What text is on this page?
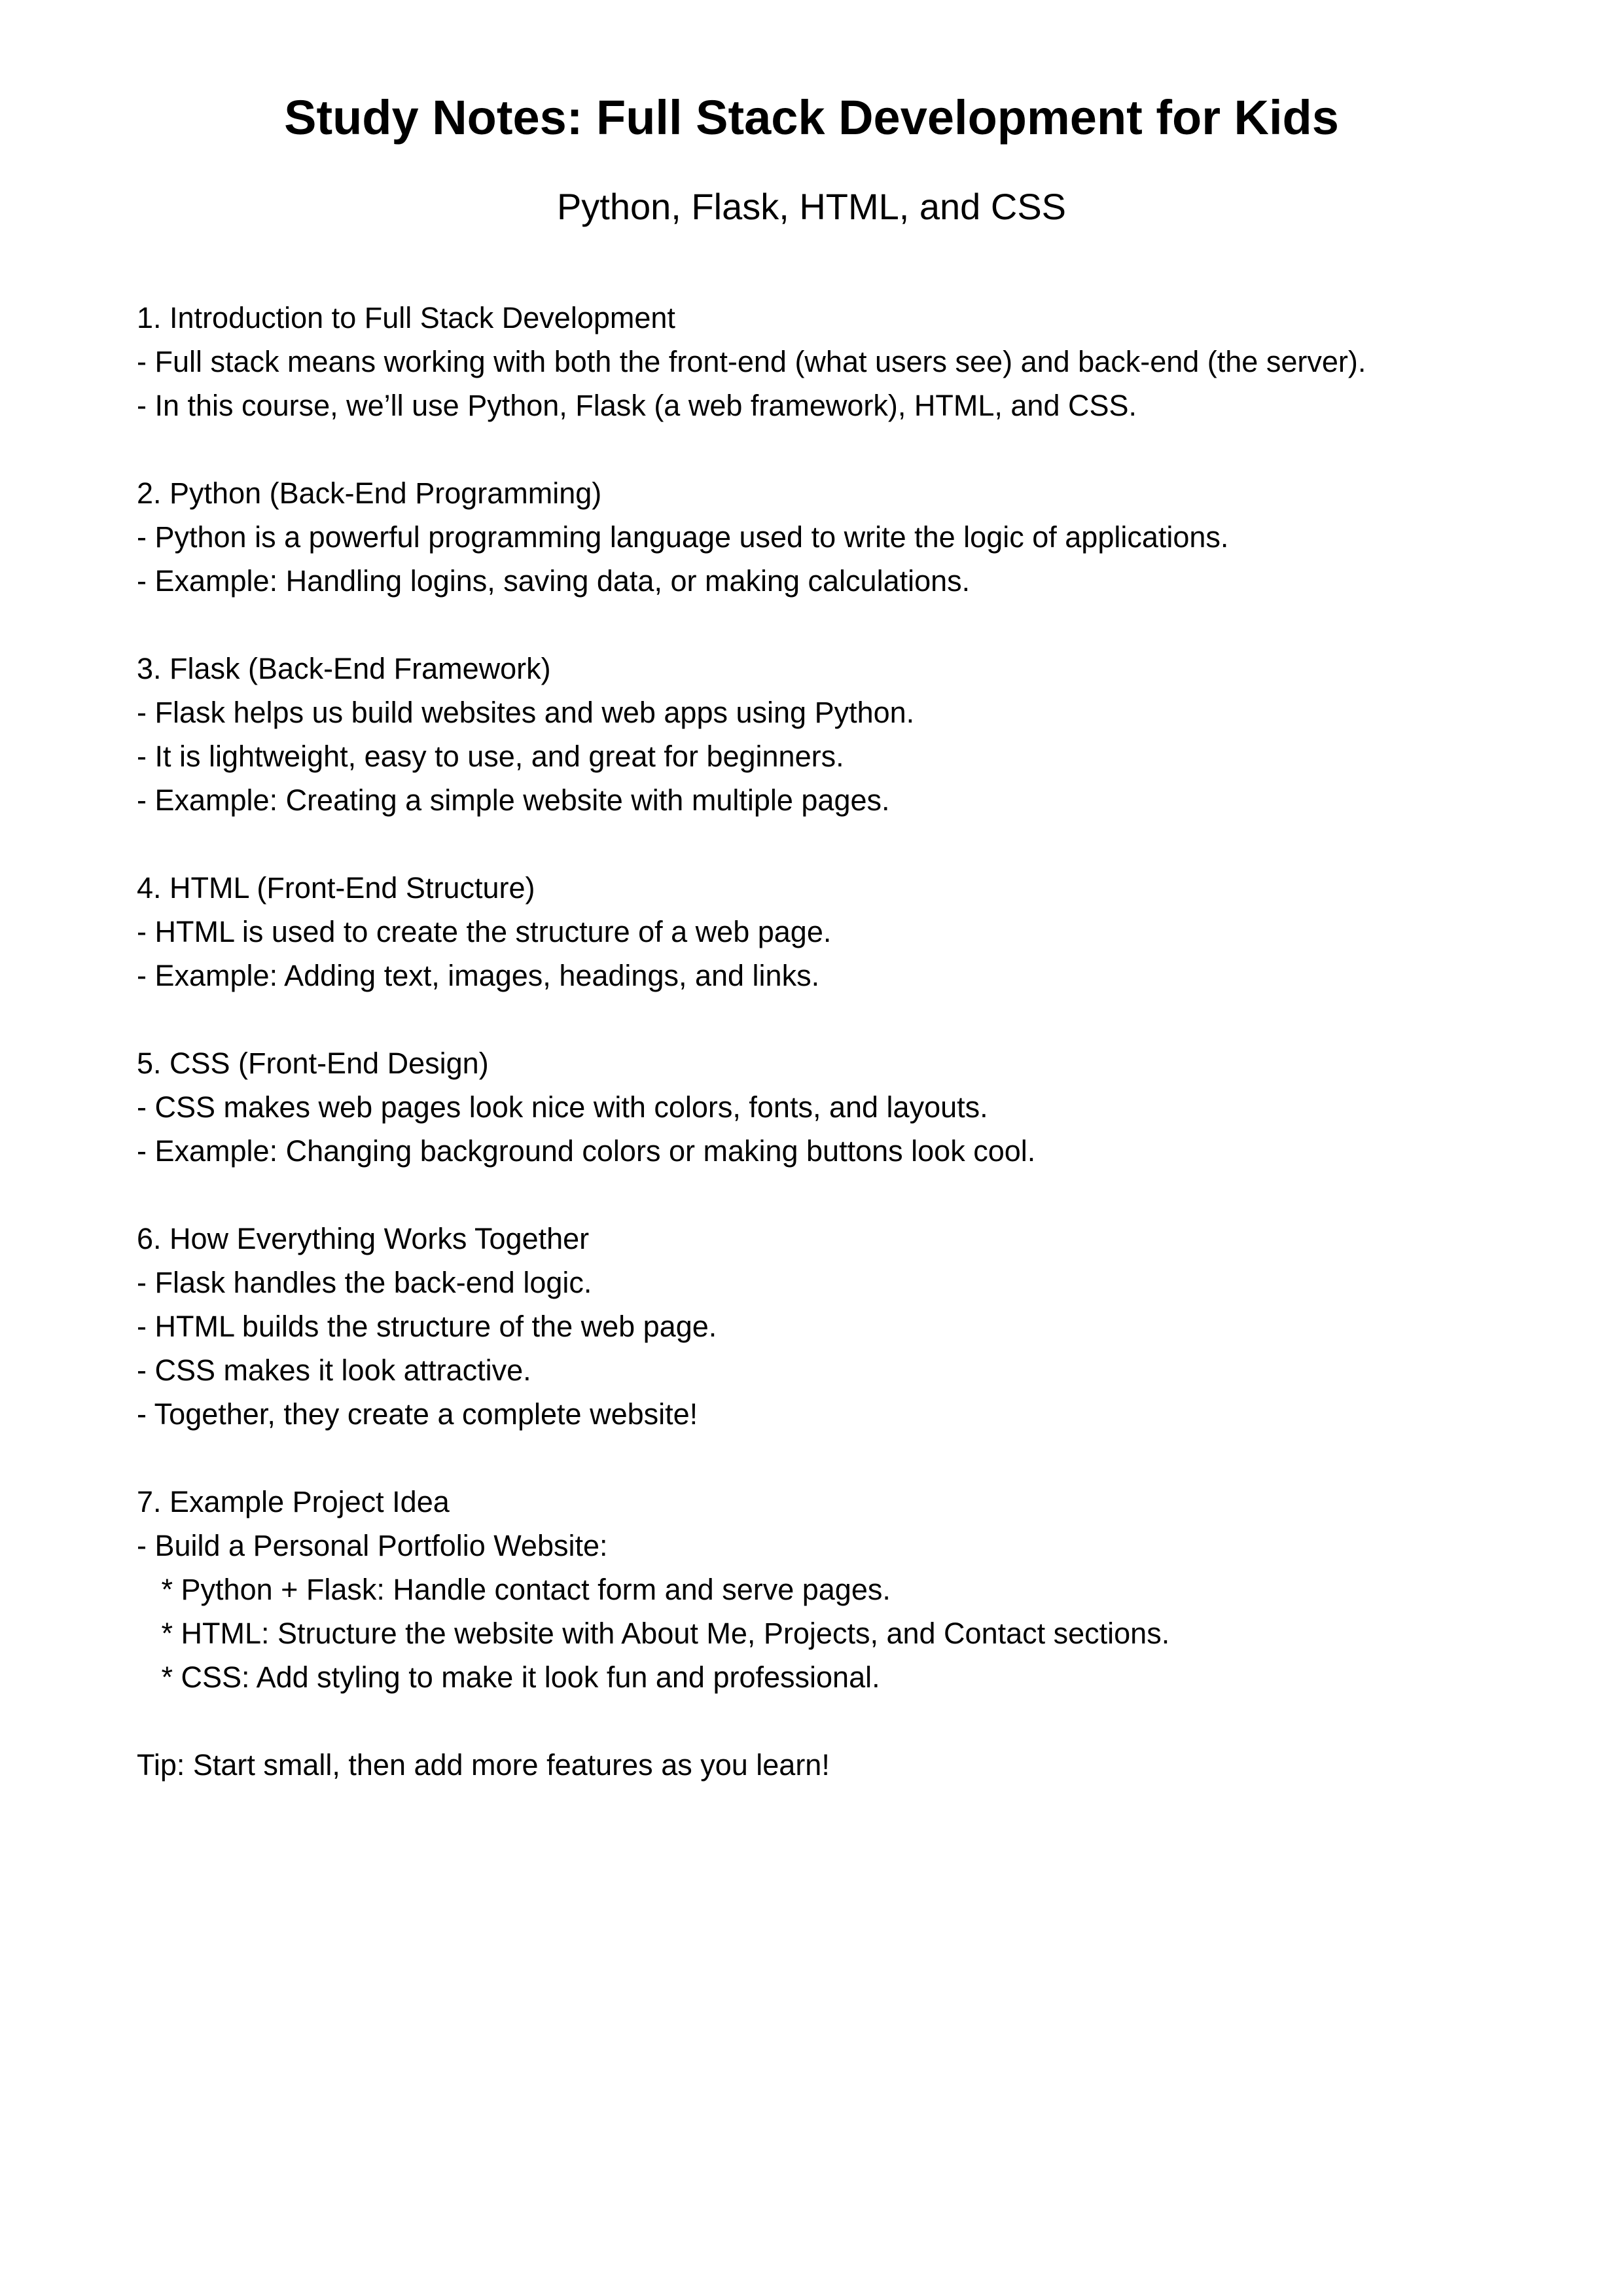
Study Notes: Full Stack Development for Kids
Python, Flask, HTML, and CSS
1. Introduction to Full Stack Development
- Full stack means working with both the front-end (what users see) and back-end (the server).
- In this course, we’ll use Python, Flask (a web framework), HTML, and CSS.
2. Python (Back-End Programming)
- Python is a powerful programming language used to write the logic of applications.
- Example: Handling logins, saving data, or making calculations.
3. Flask (Back-End Framework)
- Flask helps us build websites and web apps using Python.
- It is lightweight, easy to use, and great for beginners.
- Example: Creating a simple website with multiple pages.
4. HTML (Front-End Structure)
- HTML is used to create the structure of a web page.
- Example: Adding text, images, headings, and links.
5. CSS (Front-End Design)
- CSS makes web pages look nice with colors, fonts, and layouts.
- Example: Changing background colors or making buttons look cool.
6. How Everything Works Together
- Flask handles the back-end logic.
- HTML builds the structure of the web page.
- CSS makes it look attractive.
- Together, they create a complete website!
7. Example Project Idea
- Build a Personal Portfolio Website:
* Python + Flask: Handle contact form and serve pages.
* HTML: Structure the website with About Me, Projects, and Contact sections.
* CSS: Add styling to make it look fun and professional.
Tip: Start small, then add more features as you learn!
